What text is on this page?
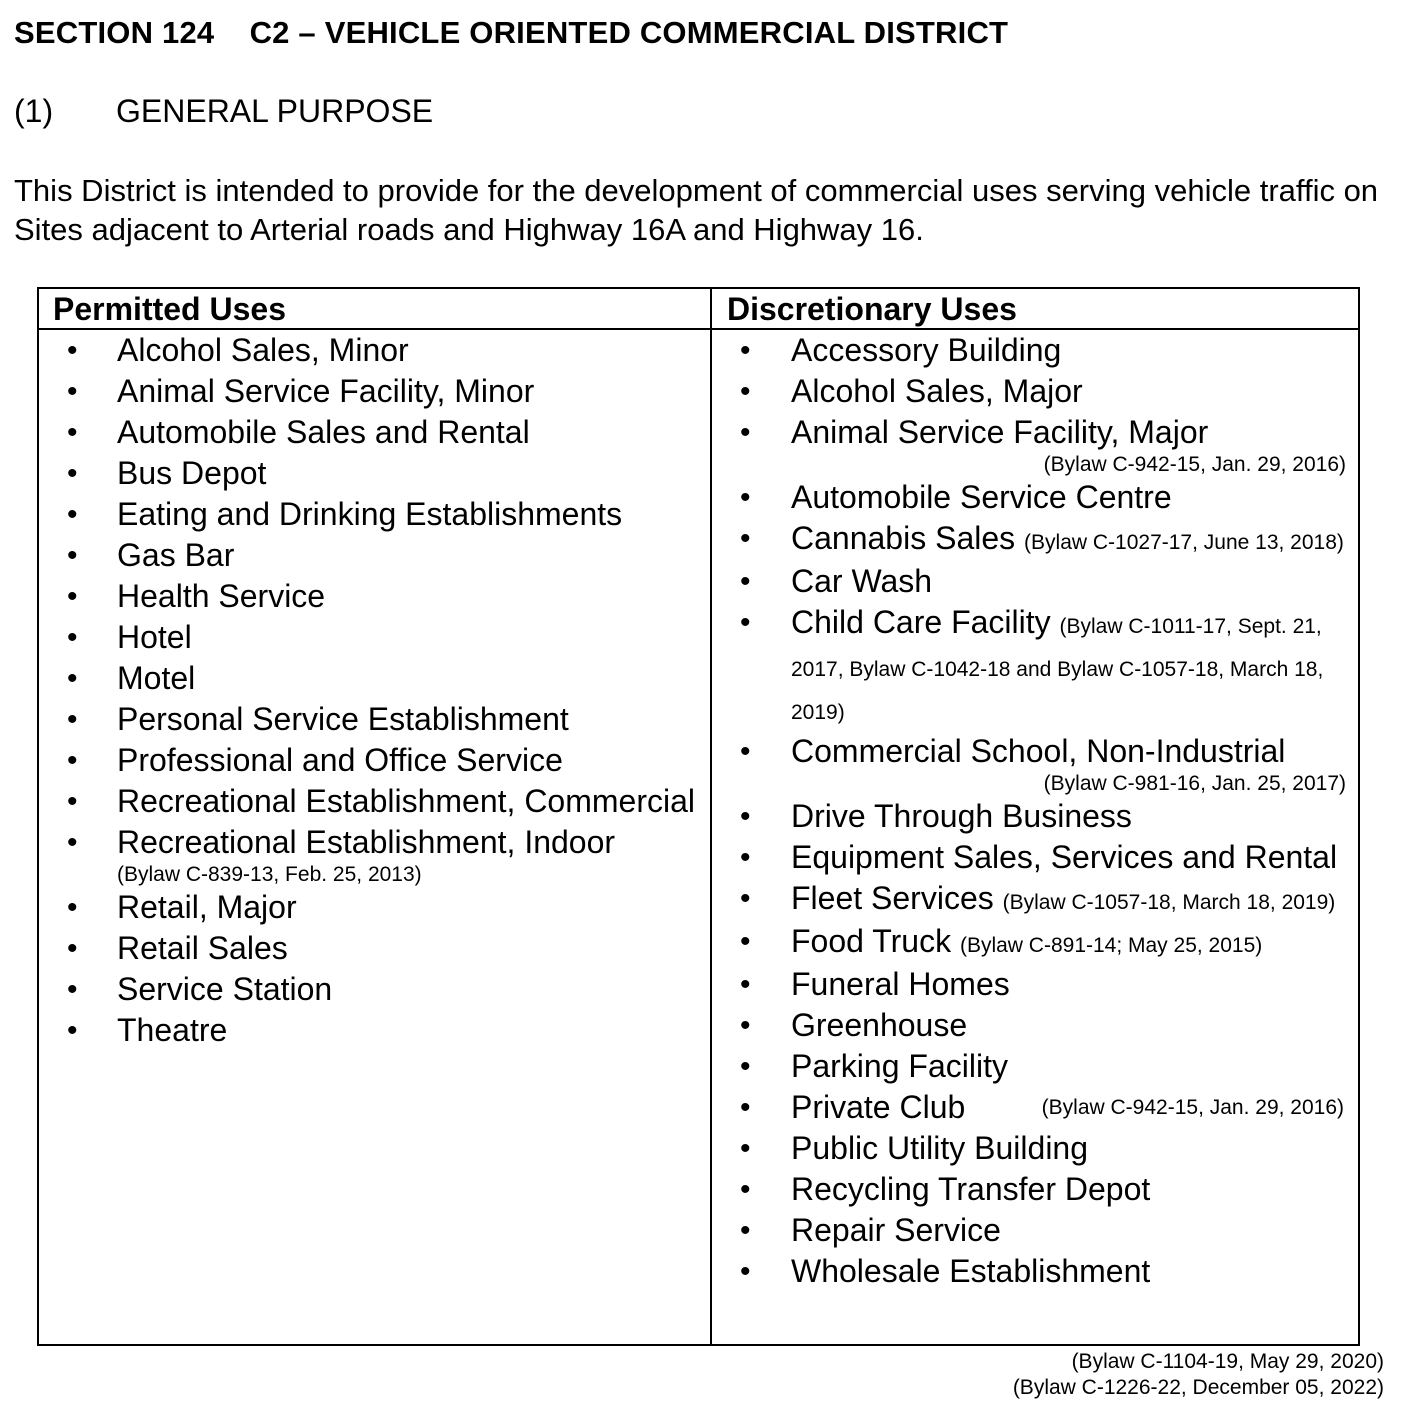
SECTION 124 C2 – VEHICLE ORIENTED COMMERCIAL DISTRICT
(1) GENERAL PURPOSE

This District is intended to provide for the development of commercial uses serving vehicle traffic on Sites adjacent to Arterial roads and Highway 16A and Highway 16.

Permitted Uses	Discretionary Uses
• Alcohol Sales, Minor
• Animal Service Facility, Minor
• Automobile Sales and Rental
• Bus Depot
• Eating and Drinking Establishments
• Gas Bar
• Health Service
• Hotel
• Motel
• Personal Service Establishment
• Professional and Office Service
• Recreational Establishment, Commercial
• Recreational Establishment, Indoor
(Bylaw C-839-13, Feb. 25, 2013)
• Retail, Major
• Retail Sales
• Service Station
• Theatre
(Bylaw C-942-15, Jan. 29, 2016)
• Accessory Building
• Alcohol Sales, Major
• Animal Service Facility, Major
(Bylaw C-942-15, Jan. 29, 2016)
• Automobile Service Centre
• Cannabis Sales (Bylaw C-1027-17, June 13, 2018)
• Car Wash
• Child Care Facility (Bylaw C-1011-17, Sept. 21, 2017, Bylaw C-1042-18 and Bylaw C-1057-18, March 18, 2019)
• Commercial School, Non-Industrial
(Bylaw C-981-16, Jan. 25, 2017)
• Drive Through Business
• Equipment Sales, Services and Rental
• Fleet Services (Bylaw C-1057-18, March 18, 2019)
• Food Truck (Bylaw C-891-14; May 25, 2015)
• Funeral Homes
• Greenhouse
• Parking Facility
• Private Club
• Public Utility Building
• Recycling Transfer Depot
• Repair Service
• Wholesale Establishment
(Bylaw C-1104-19, May 29, 2020)
(Bylaw C-1226-22, December 05, 2022)
